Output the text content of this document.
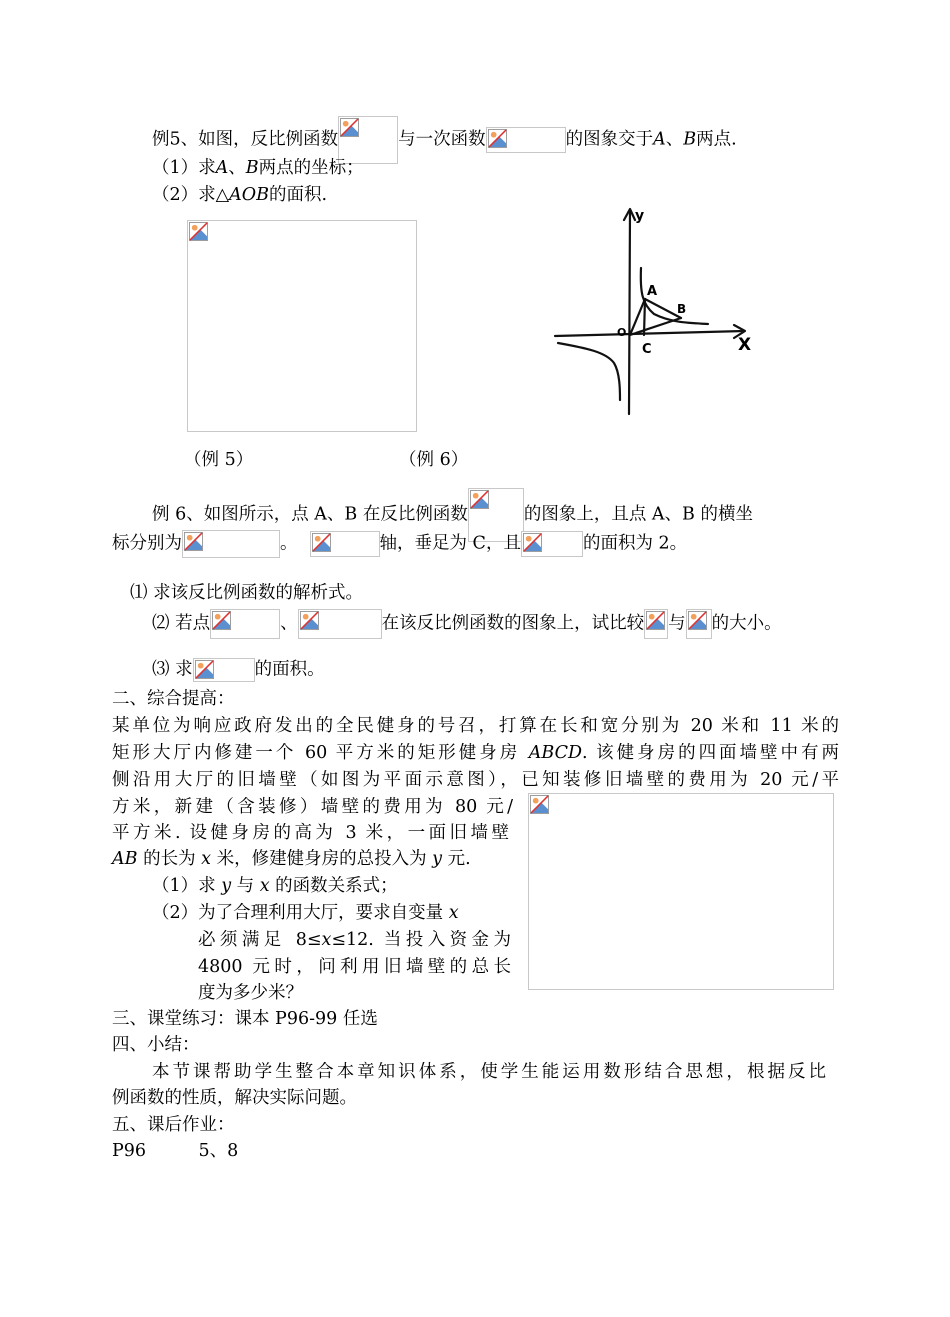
例5、如图，反比例函数	与一次函数	的图象交于A、B两点.
（1）求A、B两点的坐标；
（2）求△AOB的面积.
y
X
O
A
B
C
（例 5）	（例 6）
例 6、如图所示，点 A、B 在反比例函数	的图象上，且点 A、B 的横坐
标分别为	。	轴，垂足为 C，且	的面积为 2。
⑴ 求该反比例函数的解析式。
⑵ 若点	、	在该反比例函数的图象上，试比较 与 的大小。
⑶ 求	的面积。
二、综合提高：
某单位为响应政府发出的全民健身的号召，打算在长和宽分别为 20 米和 11 米的
矩形大厅内修建一个 60 平方米的矩形健身房 ABCD. 该健身房的四面墙壁中有两
侧沿用大厅的旧墙壁（如图为平面示意图），已知装修旧墙壁的费用为 20 元/平
方米，新建（含装修）墙壁的费用为 80 元/
平方米. 设健身房的高为 3 米，一面旧墙壁
AB 的长为 x 米，修建健身房的总投入为 y 元.
（1）求 y 与 x 的函数关系式；
（2）为了合理利用大厅，要求自变量 x
必须满足 8≤x≤12. 当投入资金为
4800 元时，问利用旧墙壁的总长
度为多少米？
三、课堂练习：课本 P96-99 任选
四、小结：
本节课帮助学生整合本章知识体系，使学生能运用数形结合思想，根据反比
例函数的性质，解决实际问题。
五、课后作业：
P96　　　5、8
